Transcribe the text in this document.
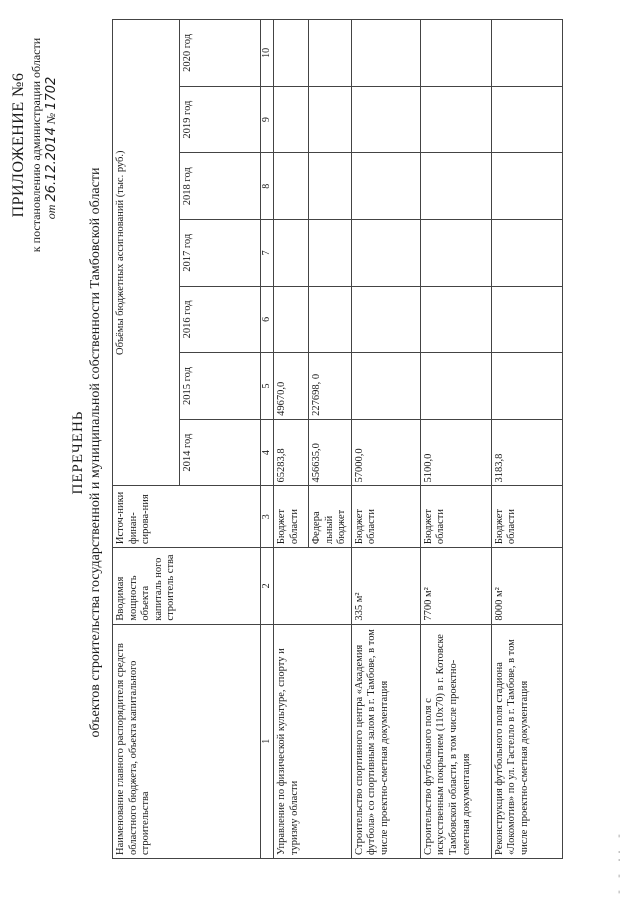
ПРИЛОЖЕНИЕ №6 к постановлению администрации области от 26.12.2014 № 1702
ПЕРЕЧЕНЬ объектов строительства государственной и муниципальной собственности Тамбовской области
Наименование главного распорядителя средств областного бюджета, объекта капитального строительства	Вводимая мощность объекта капиталь ного строитель ства	Источ-ники финан-сирова-ния	Объёмы бюджетных ассигнований (тыс. руб.)						
			2014 год	2015 год	2016 год	2017 год	2018 год	2019 год	2020 год
1	2	3	4	5	6	7	8	9	10
Управление по физической культуре, спорту и туризму области		Бюджет области	65283,8	49670,0					
		Федера льный бюджет	456635,0	227698, 0					
Строительство спортивного центра «Академия футбола» со спортивным залом в г. Тамбове, в том числе проектно-сметная документация	335 м²	Бюджет области	57000,0						
Строительство футбольного поля с искусственным покрытием (110х70) в г. Котовске Тамбовской области, в том числе проектно-сметная документация	7700 м²	Бюджет области	5100,0						
Реконструкция футбольного поля стадиона «Локомотив» по ул. Гастелло в г. Тамбове, в том числе проектно-сметная документация	8000 м²	Бюджет области	3183,8						
- - ·· -
